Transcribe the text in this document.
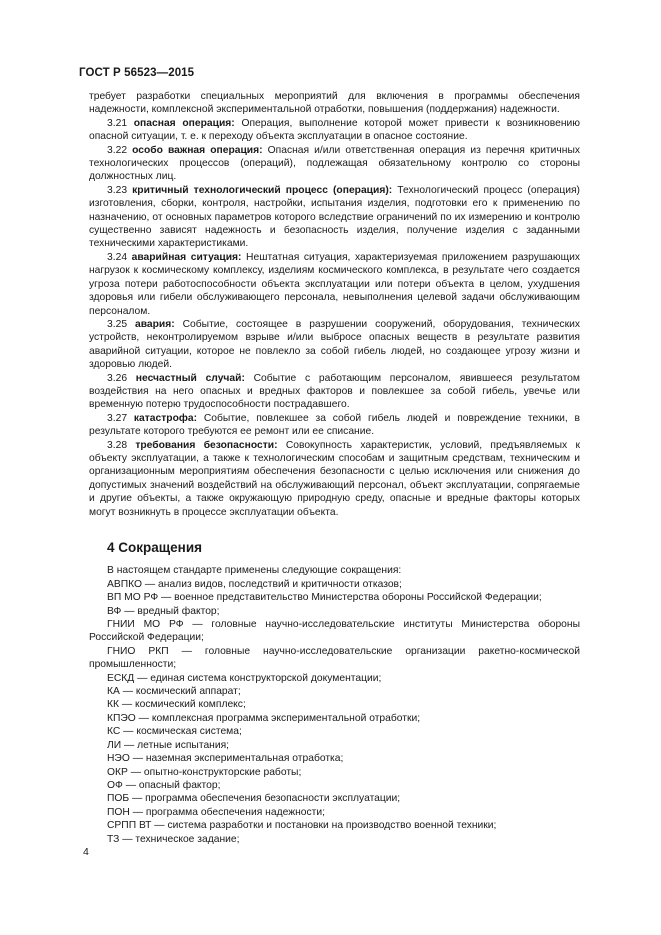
ГОСТ Р 56523—2015

требует разработки специальных мероприятий для включения в программы обеспечения надежности, комплексной экспериментальной отработки, повышения (поддержания) надежности.

3.21 опасная операция: Операция, выполнение которой может привести к возникновению опасной ситуации, т. е. к переходу объекта эксплуатации в опасное состояние.

3.22 особо важная операция: Опасная и/или ответственная операция из перечня критичных технологических процессов (операций), подлежащая обязательному контролю со стороны должностных лиц.

3.23 критичный технологический процесс (операция): Технологический процесс (операция) изготовления, сборки, контроля, настройки, испытания изделия, подготовки его к применению по назначению, от основных параметров которого вследствие ограничений по их измерению и контролю существенно зависят надежность и безопасность изделия, получение изделия с заданными техническими характеристиками.

3.24 аварийная ситуация: Нештатная ситуация, характеризуемая приложением разрушающих нагрузок к космическому комплексу, изделиям космического комплекса, в результате чего создается угроза потери работоспособности объекта эксплуатации или потери объекта в целом, ухудшения здоровья или гибели обслуживающего персонала, невыполнения целевой задачи обслуживающим персоналом.

3.25 авария: Событие, состоящее в разрушении сооружений, оборудования, технических устройств, неконтролируемом взрыве и/или выбросе опасных веществ в результате развития аварийной ситуации, которое не повлекло за собой гибель людей, но создающее угрозу жизни и здоровью людей.

3.26 несчастный случай: Событие с работающим персоналом, явившееся результатом воздействия на него опасных и вредных факторов и повлекшее за собой гибель, увечье или временную потерю трудоспособности пострадавшего.

3.27 катастрофа: Событие, повлекшее за собой гибель людей и повреждение техники, в результате которого требуются ее ремонт или ее списание.

3.28 требования безопасности: Совокупность характеристик, условий, предъявляемых к объекту эксплуатации, а также к технологическим способам и защитным средствам, техническим и организационным мероприятиям обеспечения безопасности с целью исключения или снижения до допустимых значений воздействий на обслуживающий персонал, объект эксплуатации, сопрягаемые и другие объекты, а также окружающую природную среду, опасные и вредные факторы которых могут возникнуть в процессе эксплуатации объекта.

4 Сокращения

В настоящем стандарте применены следующие сокращения:

АВПКО — анализ видов, последствий и критичности отказов;

ВП МО РФ — военное представительство Министерства обороны Российской Федерации;

ВФ — вредный фактор;

ГНИИ МО РФ — головные научно-исследовательские институты Министерства обороны Российской Федерации;

ГНИО РКП — головные научно-исследовательские организации ракетно-космической промышленности;

ЕСКД — единая система конструкторской документации;

КА — космический аппарат;

КК — космический комплекс;

КПЭО — комплексная программа экспериментальной отработки;

КС — космическая система;

ЛИ — летные испытания;

НЭО — наземная экспериментальная отработка;

ОКР — опытно-конструкторские работы;

ОФ — опасный фактор;

ПОБ — программа обеспечения безопасности эксплуатации;

ПОН — программа обеспечения надежности;

СРПП ВТ — система разработки и постановки на производство военной техники;

ТЗ — техническое задание;

4
